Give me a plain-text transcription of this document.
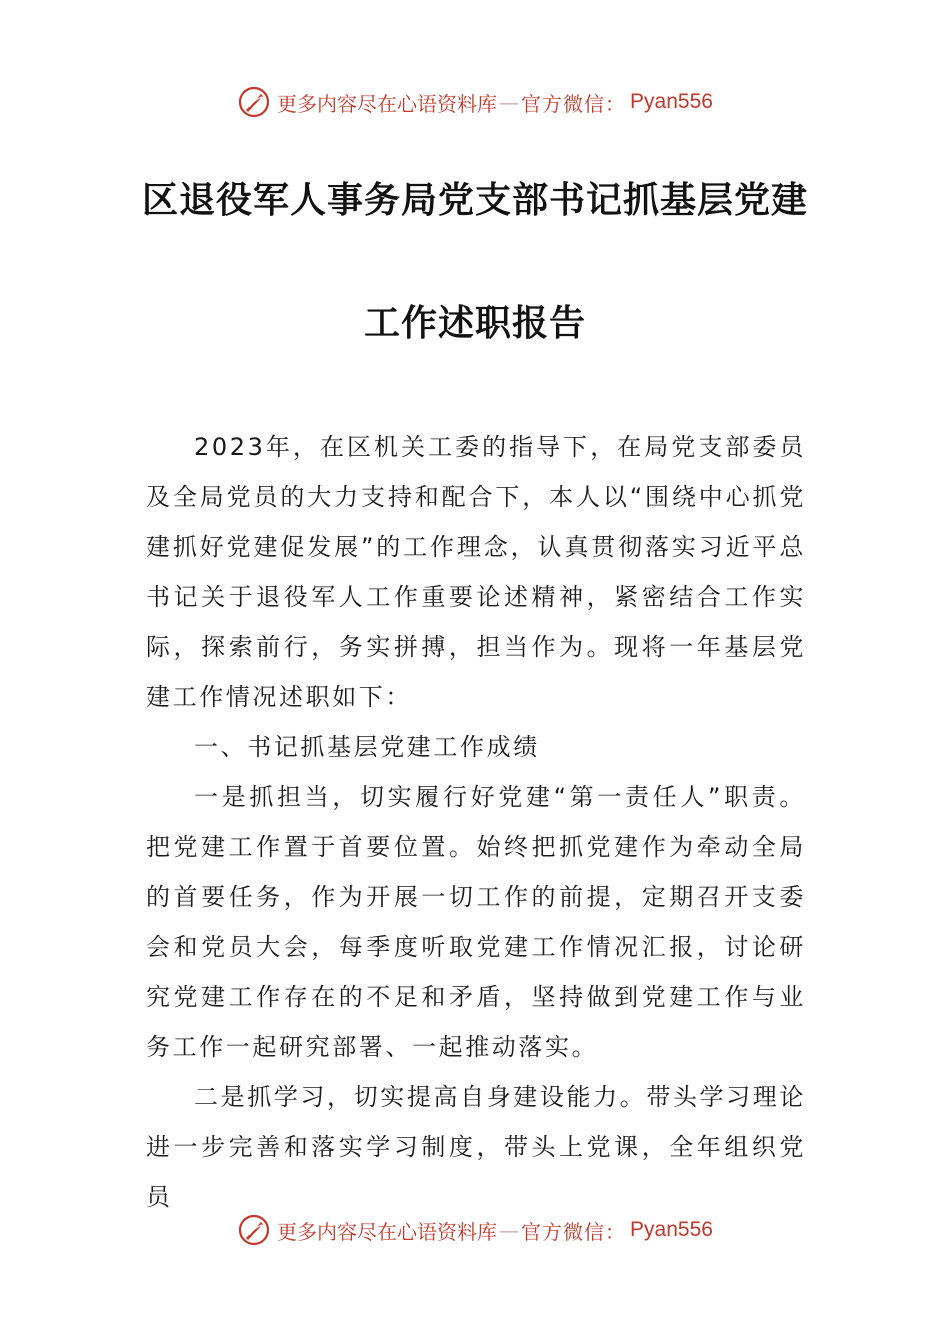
更多内容尽在心语资料库 — 官方微信： Pyan556
区退役军人事务局党支部书记抓基层党建
工作述职报告

2023年，在区机关工委的指导下，在局党支部委员及全局党员的大力支持和配合下，本人以“围绕中心抓党建抓好党建促发展”的工作理念，认真贯彻落实习近平总书记关于退役军人工作重要论述精神，紧密结合工作实际，探索前行，务实拼搏，担当作为。现将一年基层党建工作情况述职如下：

一、书记抓基层党建工作成绩

一是抓担当，切实履行好党建“第一责任人”职责。把党建工作置于首要位置。始终把抓党建作为牵动全局的首要任务，作为开展一切工作的前提，定期召开支委会和党员大会，每季度听取党建工作情况汇报，讨论研究党建工作存在的不足和矛盾，坚持做到党建工作与业务工作一起研究部署、一起推动落实。

二是抓学习，切实提高自身建设能力。带头学习理论进一步完善和落实学习制度，带头上党课，全年组织党员

更多内容尽在心语资料库 — 官方微信： Pyan556
